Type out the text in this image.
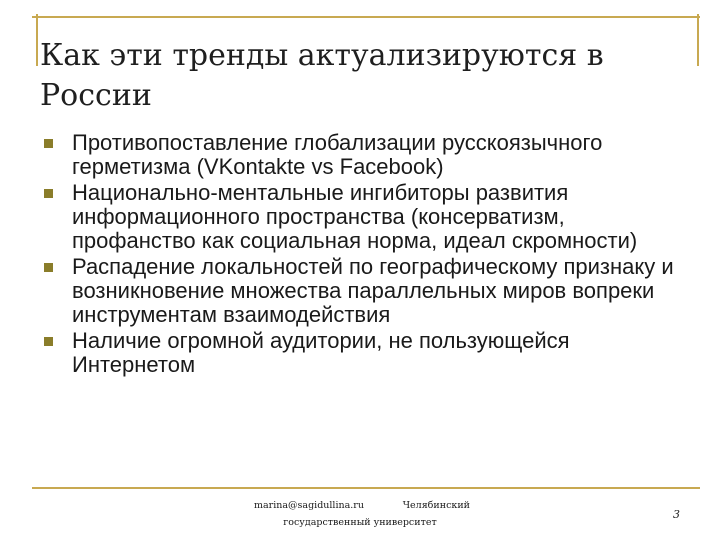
Как эти тренды актуализируются в России
Противопоставление глобализации русскоязычного герметизма (VKontakte vs Facebook)
Национально-ментальные ингибиторы развития информационного пространства (консерватизм, профанство как социальная норма, идеал скромности)
Распадение локальностей по географическому признаку и возникновение множества параллельных миров вопреки инструментам взаимодействия
Наличие огромной аудитории, не пользующейся Интернетом
marina@sagidullina.ru	Челябинский
государственный университет
3
